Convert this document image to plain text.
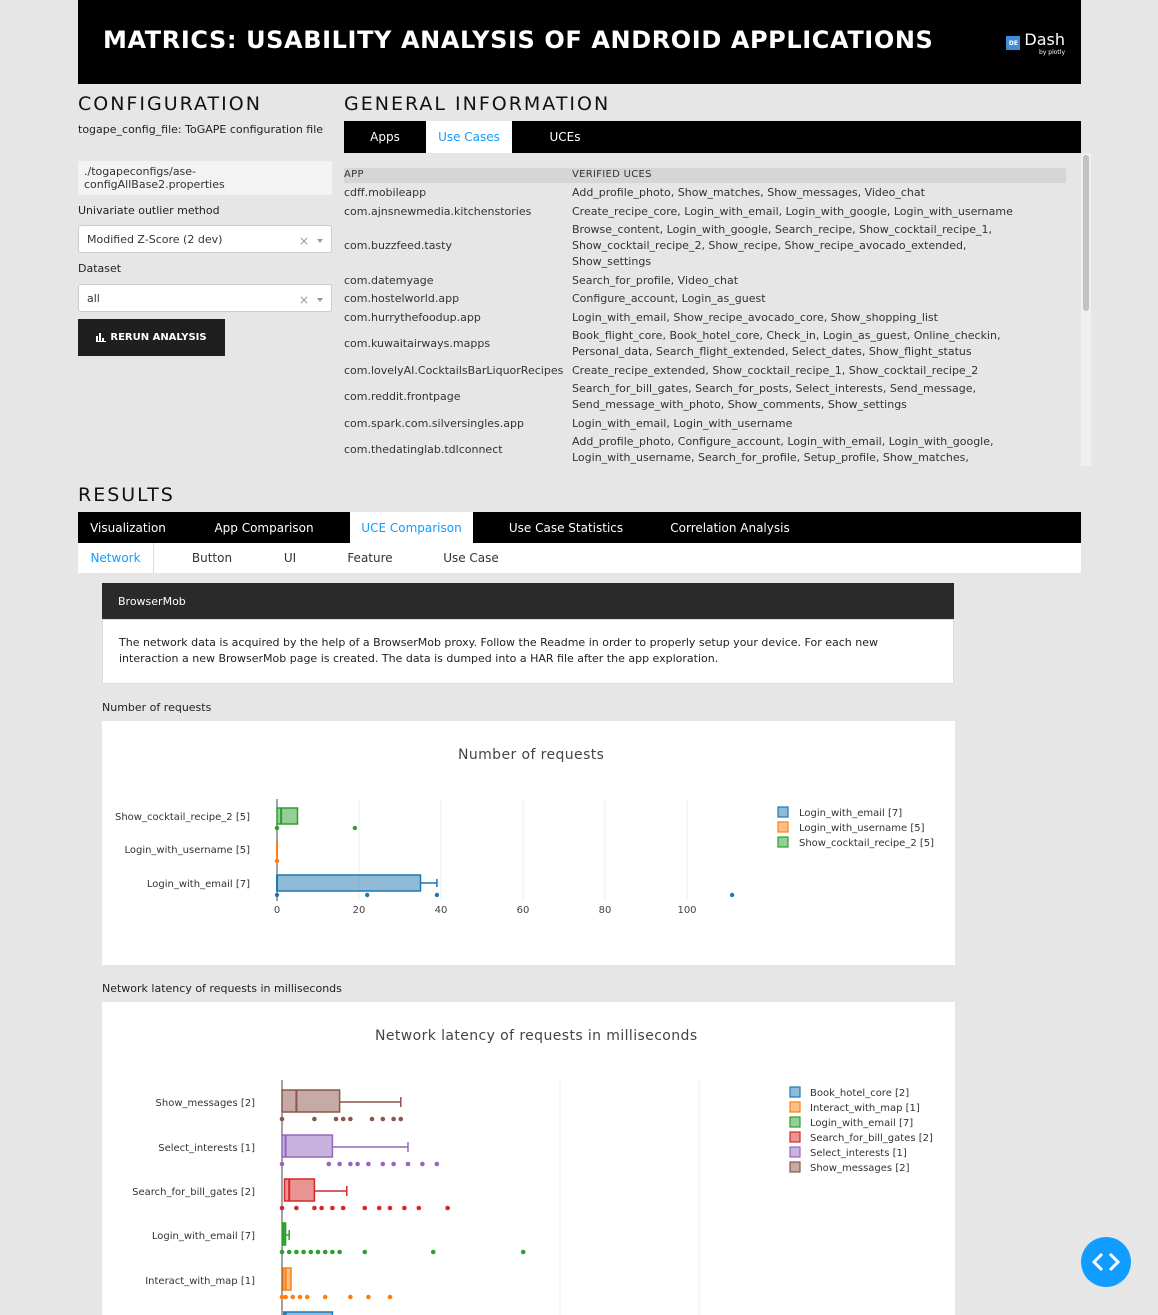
MATRICS: USABILITY ANALYSIS OF ANDROID APPLICATIONS	DE Dash
by plotly
CONFIGURATION
togape_config_file: ToGAPE configuration file
./togapeconfigs/ase-configAllBase2.properties
Univariate outlier method
Modified Z-Score (2 dev)	×
Dataset
all	×
RERUN ANALYSIS
GENERAL INFORMATION
Apps	Use Cases	UCEs
APP	VERIFIED UCES
cdff.mobileapp	Add_profile_photo, Show_matches, Show_messages, Video_chat
com.ajnsnewmedia.kitchenstories	Create_recipe_core, Login_with_email, Login_with_google, Login_with_username
com.buzzfeed.tasty
Browse_content, Login_with_google, Search_recipe, Show_cocktail_recipe_1,
Show_cocktail_recipe_2, Show_recipe, Show_recipe_avocado_extended,
Show_settings
com.datemyage	Search_for_profile, Video_chat
com.hostelworld.app	Configure_account, Login_as_guest
com.hurrythefoodup.app	Login_with_email, Show_recipe_avocado_core, Show_shopping_list
com.kuwaitairways.mapps
Book_flight_core, Book_hotel_core, Check_in, Login_as_guest, Online_checkin,
Personal_data, Search_flight_extended, Select_dates, Show_flight_status
com.lovelyAI.CocktailsBarLiquorRecipes Create_recipe_extended, Show_cocktail_recipe_1, Show_cocktail_recipe_2
com.reddit.frontpage
Search_for_bill_gates, Search_for_posts, Select_interests, Send_message,
Send_message_with_photo, Show_comments, Show_settings
com.spark.com.silversingles.app	Login_with_email, Login_with_username
com.thedatinglab.tdlconnect
Add_profile_photo, Configure_account, Login_with_email, Login_with_google,
Login_with_username, Search_for_profile, Setup_profile, Show_matches,
RESULTS
Visualization	App Comparison	UCE Comparison	Use Case Statistics	Correlation Analysis
Network	Button	UI	Feature	Use Case
BrowserMob
The network data is acquired by the help of a BrowserMob proxy. Follow the Readme in order to properly setup your device. For each new interaction a new BrowserMob page is created. The data is dumped into a HAR file after the app exploration.
Number of requests
Number of requests
0	20	40	60	80	100
Login_with_email [7]
Login_with_email [7]
Login_with_username [5]
Login_with_username [5]
Show_cocktail_recipe_2 [5]
Show_cocktail_recipe_2 [5]
Network latency of requests in milliseconds
Network latency of requests in milliseconds
Show_messages [2]
Select_interests [1]
Search_for_bill_gates [2]
Login_with_email [7]
Interact_with_map [1]
Book_hotel_core [2]
Interact_with_map [1]
Login_with_email [7]
Search_for_bill_gates [2]
Select_interests [1]
Show_messages [2]
